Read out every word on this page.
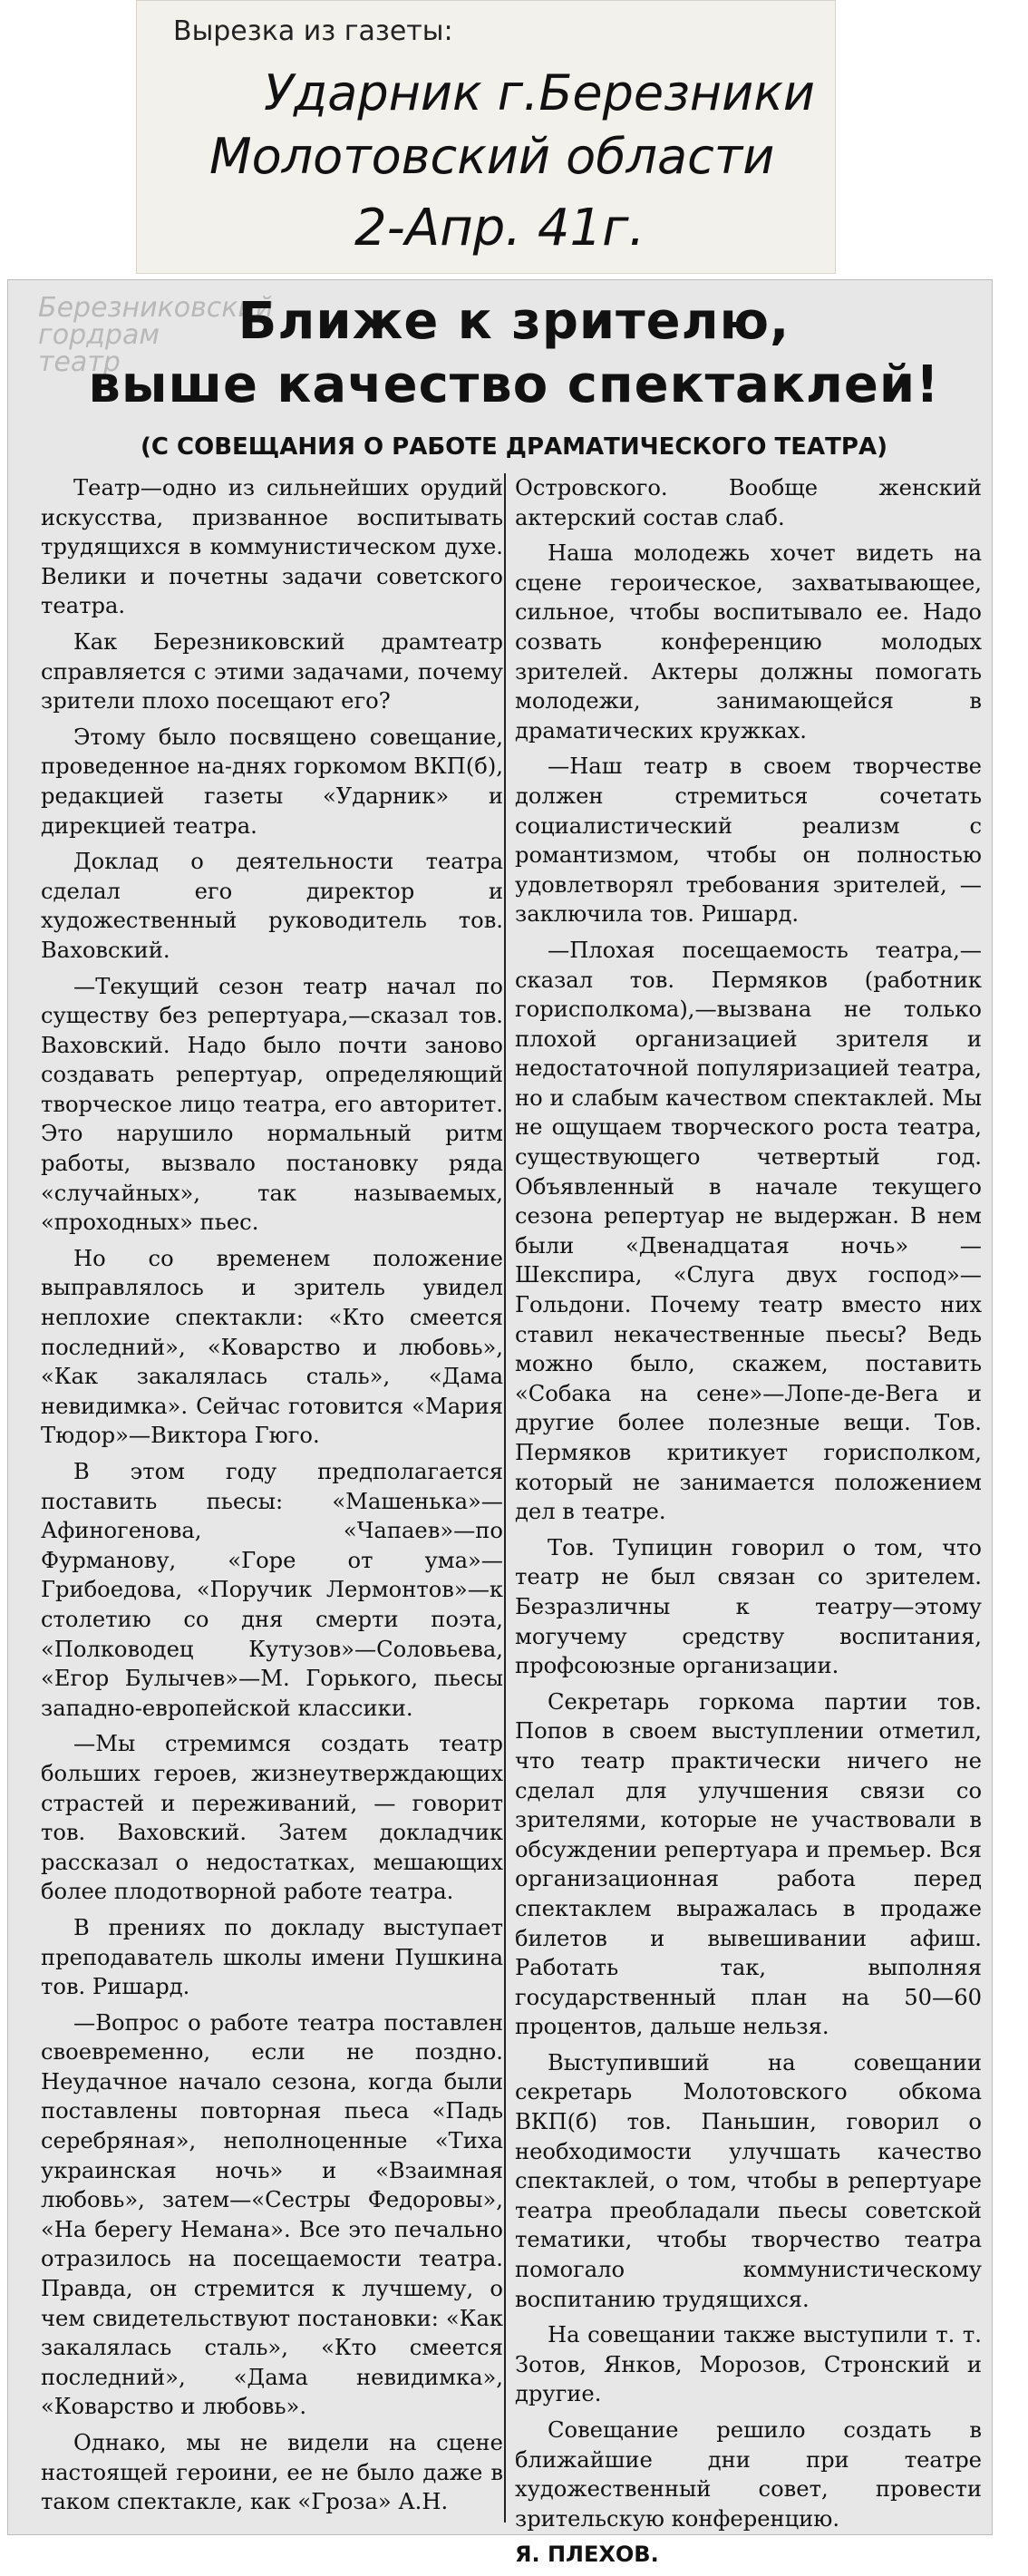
Вырезка из газеты:
Ударник г.Березники
Молотовский области
2-Апр. 41г.
Березниковский гордрам театр
Ближе к зрителю,
выше качество спектаклей!
(С СОВЕЩАНИЯ О РАБОТЕ ДРАМАТИЧЕСКОГО ТЕАТРА)

Театр—одно из сильнейших орудий искусства, призванное воспитывать трудящихся в коммунистическом духе. Велики и почетны задачи советского театра.

Как Березниковский драмтеатр справляется с этими задачами, почему зрители плохо посещают его?

Этому было посвящено совещание, проведенное на-днях горкомом ВКП(б), редакцией газеты «Ударник» и дирекцией театра.

Доклад о деятельности театра сделал его директор и художественный руководитель тов. Ваховский.

—Текущий сезон театр начал по существу без репертуара,—сказал тов. Ваховский. Надо было почти заново создавать репертуар, определяющий творческое лицо театра, его авторитет. Это нарушило нормальный ритм работы, вызвало постановку ряда «случайных», так называемых, «проходных» пьес.

Но со временем положение выправлялось и зритель увидел неплохие спектакли: «Кто смеется последний», «Коварство и любовь», «Как закалялась сталь», «Дама невидимка». Сейчас готовится «Мария Тюдор»—Виктора Гюго.

В этом году предполагается поставить пьесы: «Машенька»—Афиногенова, «Чапаев»—по Фурманову, «Горе от ума»—Грибоедова, «Поручик Лермонтов»—к столетию со дня смерти поэта, «Полководец Кутузов»—Соловьева, «Егор Булычев»—М. Горького, пьесы западно-европейской классики.

—Мы стремимся создать театр больших героев, жизнеутверждающих страстей и переживаний, — говорит тов. Ваховский. Затем докладчик рассказал о недостатках, мешающих более плодотворной работе театра.

В прениях по докладу выступает преподаватель школы имени Пушкина тов. Ришард.

—Вопрос о работе театра поставлен своевременно, если не поздно. Неудачное начало сезона, когда были поставлены повторная пьеса «Падь серебряная», неполноценные «Тиха украинская ночь» и «Взаимная любовь», затем—«Сестры Федоровы», «На берегу Немана». Все это печально отразилось на посещаемости театра. Правда, он стремится к лучшему, о чем свидетельствуют постановки: «Как закалялась сталь», «Кто смеется последний», «Дама невидимка», «Коварство и любовь».

Однако, мы не видели на сцене настоящей героини, ее не было даже в таком спектакле, как «Гроза» А.Н.

Островского. Вообще женский актерский состав слаб.

Наша молодежь хочет видеть на сцене героическое, захватывающее, сильное, чтобы воспитывало ее. Надо созвать конференцию молодых зрителей. Актеры должны помогать молодежи, занимающейся в драматических кружках.

—Наш театр в своем творчестве должен стремиться сочетать социалистический реализм с романтизмом, чтобы он полностью удовлетворял требования зрителей, — заключила тов. Ришард.

—Плохая посещаемость театра,—сказал тов. Пермяков (работник горисполкома),—вызвана не только плохой организацией зрителя и недостаточной популяризацией театра, но и слабым качеством спектаклей. Мы не ощущаем творческого роста театра, существующего четвертый год. Объявленный в начале текущего сезона репертуар не выдержан. В нем были «Двенадцатая ночь» — Шекспира, «Слуга двух господ»—Гольдони. Почему театр вместо них ставил некачественные пьесы? Ведь можно было, скажем, поставить «Собака на сене»—Лопе-де-Вега и другие более полезные вещи. Тов. Пермяков критикует горисполком, который не занимается положением дел в театре.

Тов. Тупицин говорил о том, что театр не был связан со зрителем. Безразличны к театру—этому могучему средству воспитания, профсоюзные организации.

Секретарь горкома партии тов. Попов в своем выступлении отметил, что театр практически ничего не сделал для улучшения связи со зрителями, которые не участвовали в обсуждении репертуара и премьер. Вся организационная работа перед спектаклем выражалась в продаже билетов и вывешивании афиш. Работать так, выполняя государственный план на 50—60 процентов, дальше нельзя.

Выступивший на совещании секретарь Молотовского обкома ВКП(б) тов. Паньшин, говорил о необходимости улучшать качество спектаклей, о том, чтобы в репертуаре театра преобладали пьесы советской тематики, чтобы творчество театра помогало коммунистическому воспитанию трудящихся.

На совещании также выступили т. т. Зотов, Янков, Морозов, Стронский и другие.

Совещание решило создать в ближайшие дни при театре художественный совет, провести зрительскую конференцию.

Я. ПЛЕХОВ.
